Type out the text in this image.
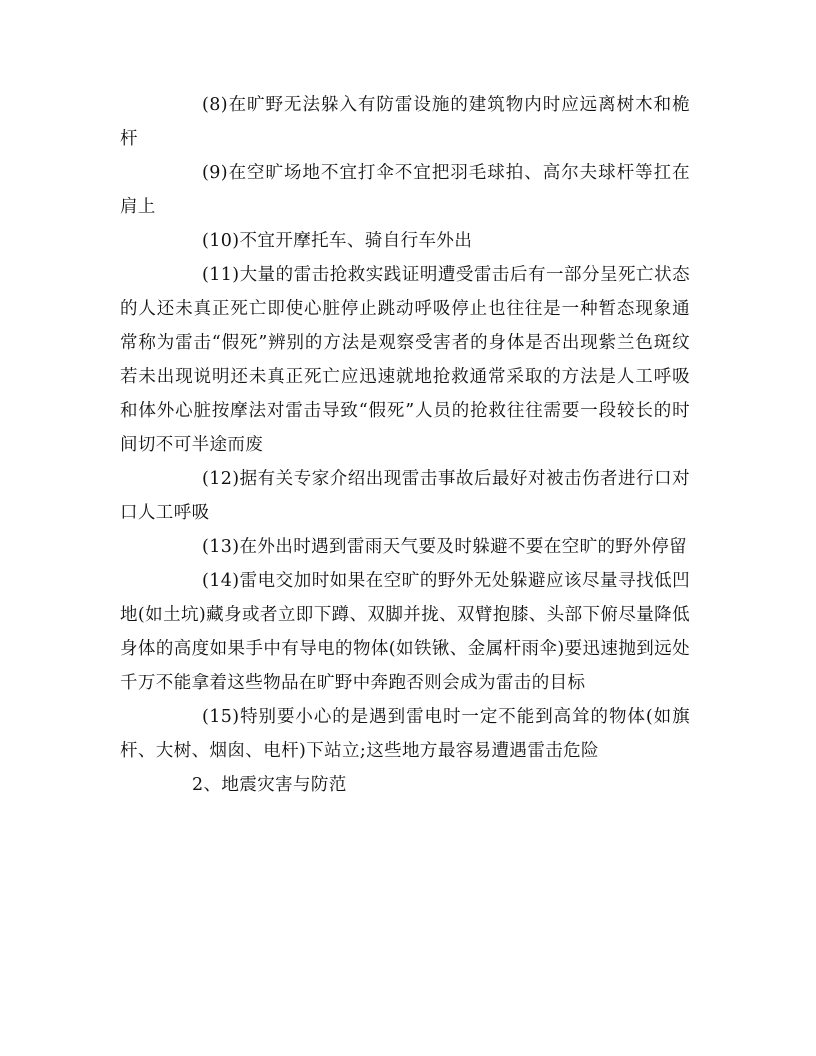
(8)在旷野无法躲入有防雷设施的建筑物内时应远离树木和桅杆

(9)在空旷场地不宜打伞不宜把羽毛球拍、高尔夫球杆等扛在肩上

(10)不宜开摩托车、骑自行车外出

(11)大量的雷击抢救实践证明遭受雷击后有一部分呈死亡状态的人还未真正死亡即使心脏停止跳动呼吸停止也往往是一种暂态现象通常称为雷击“假死”辨别的方法是观察受害者的身体是否出现紫兰色斑纹若未出现说明还未真正死亡应迅速就地抢救通常采取的方法是人工呼吸和体外心脏按摩法对雷击导致“假死”人员的抢救往往需要一段较长的时间切不可半途而废

(12)据有关专家介绍出现雷击事故后最好对被击伤者进行口对口人工呼吸

(13)在外出时遇到雷雨天气要及时躲避不要在空旷的野外停留

(14)雷电交加时如果在空旷的野外无处躲避应该尽量寻找低凹地(如土坑)藏身或者立即下蹲、双脚并拢、双臂抱膝、头部下俯尽量降低身体的高度如果手中有导电的物体(如铁锹、金属杆雨伞)要迅速抛到远处千万不能拿着这些物品在旷野中奔跑否则会成为雷击的目标

(15)特别要小心的是遇到雷电时一定不能到高耸的物体(如旗杆、大树、烟囱、电杆)下站立;这些地方最容易遭遇雷击危险

2、地震灾害与防范
